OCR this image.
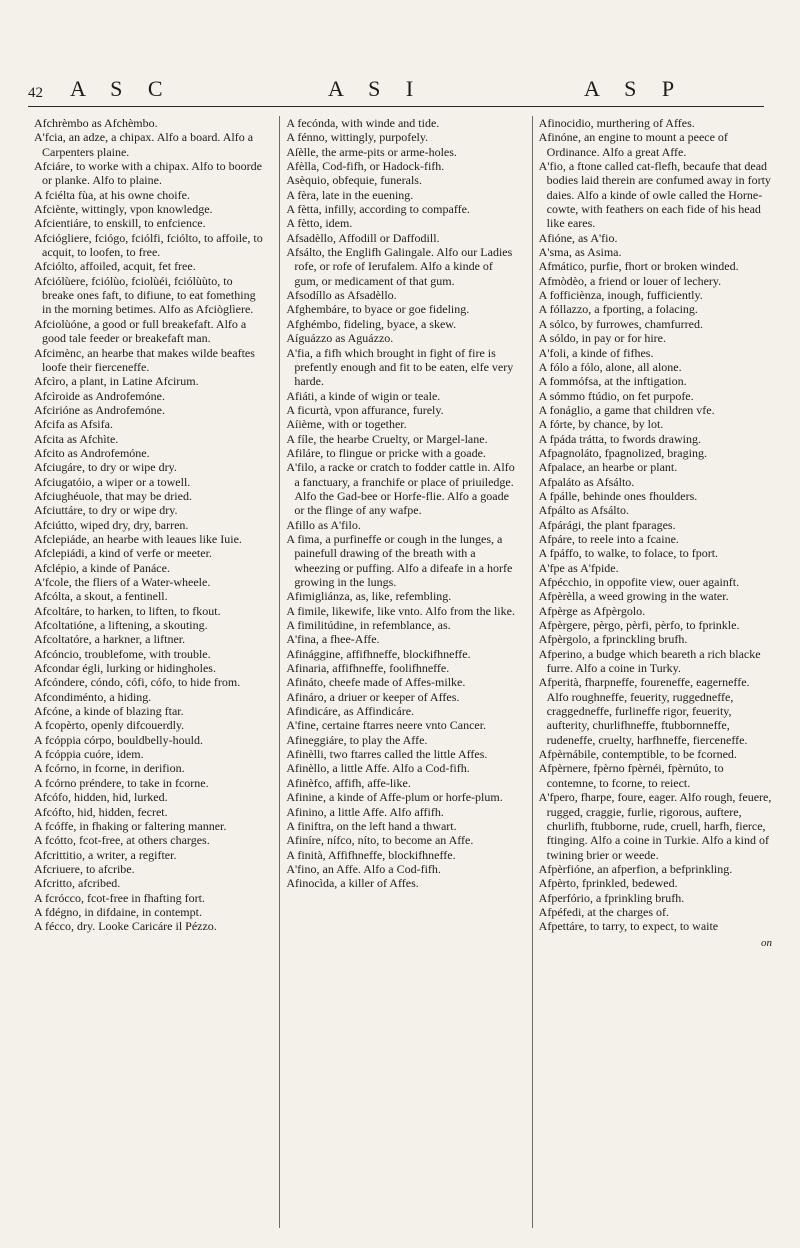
42	A S C	A S I	A S P

Afchrèmbo as Afchèmbo.

A'fcia, an adze, a chipax. Alfo a board. Alfo a Carpenters plaine.

Afciáre, to worke with a chipax. Alfo to boorde or planke. Alfo to plaine.

A fciélta fùa, at his owne choife.

Afciènte, wittingly, vpon knowledge.

Afcientiáre, to enskill, to enfcience.

Afciógliere, fciógo, fciólfi, fciólto, to affoile, to acquit, to loofen, to free.

Afciólto, affoiled, acquit, fet free.

Afciólùere, fciólùo, fciolùéi, fciólùùto, to breake ones faft, to difiune, to eat fomething in the morning betimes. Alfo as Afciòglìere.

Afciolùóne, a good or full breakefaft. Alfo a good tale feeder or breakefaft man.

Afcimènc, an hearbe that makes wilde beaftes loofe their fierceneffe.

Afcìro, a plant, in Latine Afcirum.

Afcìroide as Androfemóne.

Afcirióne as Androfemóne.

Afcifa as Afsifa.

Afcita as Afchìte.

Afcito as Androfemóne.

Afciugáre, to dry or wipe dry.

Afciugatóio, a wiper or a towell.

Afciughéuole, that may be dried.

Afciuttáre, to dry or wipe dry.

Afciútto, wiped dry, dry, barren.

Afclepiáde, an hearbe with leaues like Iuie.

Afclepiádi, a kind of verfe or meeter.

Afclépio, a kinde of Panáce.

A'fcole, the fliers of a Water-wheele.

Afcólta, a skout, a fentinell.

Afcoltáre, to harken, to liften, to fkout.

Afcoltatióne, a liftening, a skouting.

Afcoltatóre, a harkner, a liftner.

Afcóncio, troublefome, with trouble.

Afcondar égli, lurking or hidingholes.

Afcóndere, cóndo, cófi, cófo, to hide from.

Afcondiménto, a hiding.

Afcóne, a kinde of blazing ftar.

A fcopèrto, openly difcouerdly.

A fcóppia córpo, bouldbelly-hould.

A fcóppia cuóre, idem.

A fcórno, in fcorne, in derifion.

A fcórno préndere, to take in fcorne.

Afcófo, hidden, hid, lurked.

Afcófto, hid, hidden, fecret.

A fcóffe, in fhaking or faltering manner.

A fcótto, fcot-free, at others charges.

Afcrittitio, a writer, a regifter.

Afcriuere, to afcribe.

Afcritto, afcribed.

A fcrócco, fcot-free in fhafting fort.

A fdégno, in difdaine, in contempt.

A fécco, dry. Looke Caricáre il Pézzo.

A fecónda, with winde and tide.

A fénno, wittingly, purpofely.

Aſèlle, the arme-pits or arme-holes.

Afèlla, Cod-fifh, or Hadock-fifh.

Asèquio, obfequie, funerals.

A fèra, late in the euening.

A fètta, infilly, according to compaffe.

A fètto, idem.

Afsadèllo, Affodill or Daffodill.

Afsálto, the Englifh Galingale. Alfo our Ladies rofe, or rofe of Ierufalem. Alfo a kinde of gum, or medicament of that gum.

Afsodíllo as Afsadèllo.

Afghembáre, to byace or goe fideling.

Afghémbo, fideling, byace, a skew.

Aíguázzo as Aguázzo.

A'fia, a fifh which brought in fight of fire is prefently enough and fit to be eaten, elfe very harde.

Afiáti, a kinde of wigin or teale.

A ficurtà, vpon affurance, furely.

Aíième, with or together.

A fíle, the hearbe Cruelty, or Margel-lane.

Afiláre, to flingue or pricke with a goade.

A'filo, a racke or cratch to fodder cattle in. Alfo a fanctuary, a franchife or place of priuiledge. Alfo the Gad-bee or Horfe-flie. Alfo a goade or the flinge of any wafpe.

Afillo as A'filo.

A fima, a purfineffe or cough in the lunges, a painefull drawing of the breath with a wheezing or puffing. Alfo a difeafe in a horfe growing in the lungs.

Afimigliánza, as, like, refembling.

A fimile, likewife, like vnto. Alfo from the like.

A fimilitúdine, in refemblance, as.

A'fina, a fhee-Affe.

Afinággine, affifhneffe, blockifhneffe.

Afinaria, affifhneffe, foolifhneffe.

Afináto, cheefe made of Affes-milke.

Afináro, a driuer or keeper of Affes.

Afindicáre, as Affindicáre.

A'fine, certaine ftarres neere vnto Cancer.

Afineggiáre, to play the Affe.

Afinèlli, two ftarres called the little Affes.

Afinèllo, a little Affe. Alfo a Cod-fifh.

Afinèfco, affifh, affe-like.

Afinine, a kinde of Affe-plum or horfe-plum.

Afinino, a little Affe. Alfo affifh.

A finiftra, on the left hand a thwart.

Afiníre, nífco, níto, to become an Affe.

A finità, Affifhneffe, blockifhneffe.

A'fino, an Affe. Alfo a Cod-fifh.

Afinocìda, a killer of Affes.

Afinocidio, murthering of Affes.

Afinóne, an engine to mount a peece of Ordinance. Alfo a great Affe.

A'fio, a ftone called cat-flefh, becaufe that dead bodies laid therein are confumed away in forty daies. Alfo a kinde of owle called the Horne-cowte, with feathers on each fide of his head like eares.

Afióne, as A'fio.

A'sma, as Asima.

Afmático, purfie, fhort or broken winded.

Afmòdèo, a friend or louer of lechery.

A fofficiènza, inough, fufficiently.

A fóllazzo, a fporting, a folacing.

A sólco, by furrowes, chamfurred.

A sóldo, in pay or for hire.

A'foli, a kinde of fifhes.

A fólo a fólo, alone, all alone.

A fommófsa, at the inftigation.

A sómmo ftúdio, on fet purpofe.

A fonáglio, a game that children vfe.

A fórte, by chance, by lot.

A fpáda trátta, to fwords drawing.

Afpagnoláto, fpagnolized, braging.

Afpalace, an hearbe or plant.

Afpaláto as Afsálto.

A fpálle, behinde ones fhoulders.

Afpálto as Afsálto.

Afpárági, the plant fparages.

Afpáre, to reele into a fcaine.

A fpáffo, to walke, to folace, to fport.

A'fpe as A'fpide.

Afpécchio, in oppofite view, ouer againft.

Afpèrèlla, a weed growing in the water.

Afpèrge as Afpèrgolo.

Afpèrgere, pèrgo, pèrfi, pèrfo, to fprinkle.

Afpèrgolo, a fprinckling brufh.

Afperino, a budge which beareth a rich blacke furre. Alfo a coine in Turky.

Afperità, fharpneffe, fourenеffe, eagerneffe. Alfo roughneffe, feuerity, ruggedneffe, craggedneffe, furlineffe rigor, feuerity, aufterity, churlifhneffe, ftubbornneffe, rudeneffe, cruelty, harfhneffe, fierceneffe.

Afpèrnábile, contemptible, to be fcorned.

Afpèrnere, fpèrno fpèrnéi, fpèrnúto, to contemne, to fcorne, to reiect.

A'fpero, fharpe, foure, eager. Alfo rough, feuere, rugged, craggie, furlie, rigorous, auftere, churlifh, ftubborne, rude, cruell, harfh, fierce, ftinging. Alfo a coine in Turkie. Alfo a kind of twining brier or weede.

Afpèrfióne, an afperfion, a befprinkling.

Afpèrto, fprinkled, bedewed.

Afperfório, a fprinkling brufh.

Afpéfedi, at the charges of.

Afpettáre, to tarry, to expect, to waite

on
